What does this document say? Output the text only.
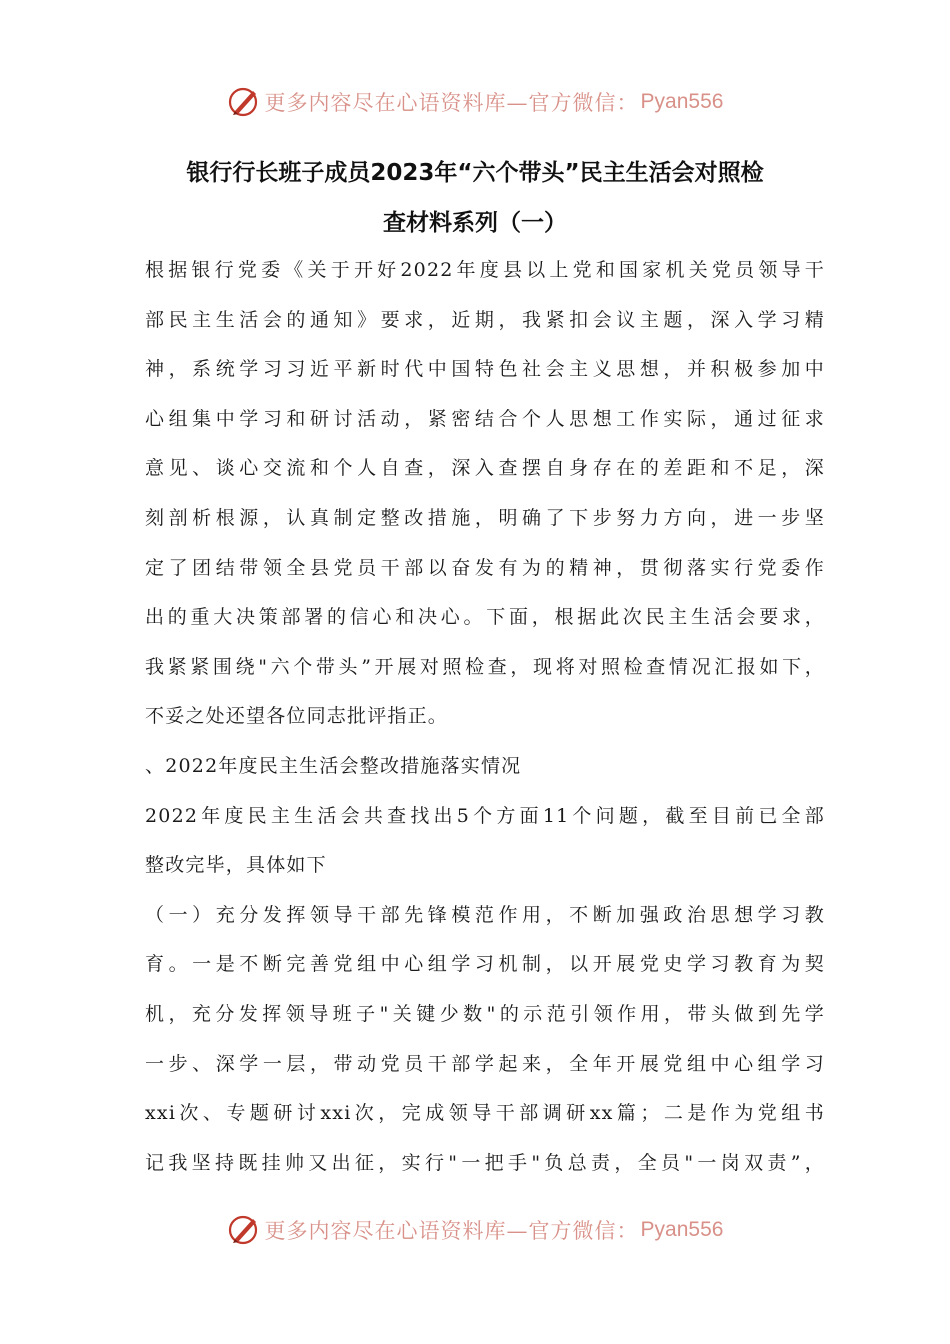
更多内容尽在心语资料库—官方微信： Pyan556
银行行长班子成员2023年“六个带头”民主生活会对照检
查材料系列（一）
根据银行党委《关于开好2022年度县以上党和国家机关党员领导干
部民主生活会的通知》要求，近期，我紧扣会议主题，深入学习精
神，系统学习习近平新时代中国特色社会主义思想，并积极参加中
心组集中学习和研讨活动，紧密结合个人思想工作实际，通过征求
意见、谈心交流和个人自查，深入查摆自身存在的差距和不足，深
刻剖析根源，认真制定整改措施，明确了下步努力方向，进一步坚
定了团结带领全县党员干部以奋发有为的精神，贯彻落实行党委作
出的重大决策部署的信心和决心。下面，根据此次民主生活会要求，
我紧紧围绕"六个带头”开展对照检查，现将对照检查情况汇报如下，
不妥之处还望各位同志批评指正。
、2022年度民主生活会整改措施落实情况
2022年度民主生活会共查找出5个方面11个问题，截至目前已全部
整改完毕，具体如下
（一）充分发挥领导干部先锋模范作用，不断加强政治思想学习教
育。一是不断完善党组中心组学习机制，以开展党史学习教育为契
机，充分发挥领导班子"关键少数"的示范引领作用，带头做到先学
一步、深学一层，带动党员干部学起来，全年开展党组中心组学习
xxi次、专题研讨xxi次，完成领导干部调研xx篇；二是作为党组书
记我坚持既挂帅又出征，实行"一把手"负总责，全员"一岗双责”，
更多内容尽在心语资料库—官方微信： Pyan556
